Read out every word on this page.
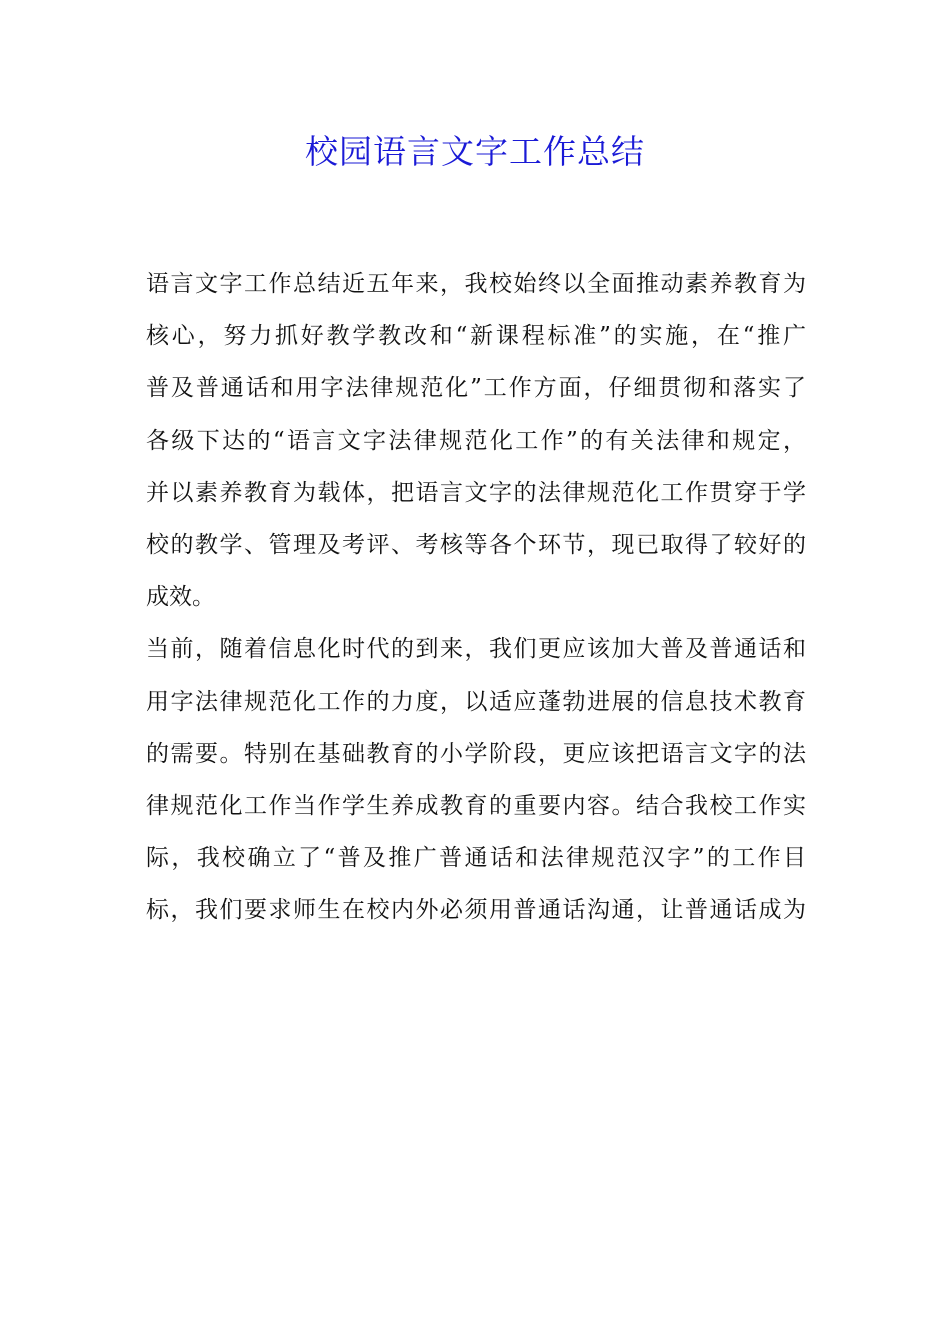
校园语言文字工作总结
语言文字工作总结近五年来，我校始终以全面推动素养教育为
核心，努力抓好教学教改和“新课程标准”的实施，在“推广
普及普通话和用字法律规范化”工作方面，仔细贯彻和落实了
各级下达的“语言文字法律规范化工作”的有关法律和规定，
并以素养教育为载体，把语言文字的法律规范化工作贯穿于学
校的教学、管理及考评、考核等各个环节，现已取得了较好的
成效。
当前，随着信息化时代的到来，我们更应该加大普及普通话和
用字法律规范化工作的力度，以适应蓬勃进展的信息技术教育
的需要。特别在基础教育的小学阶段，更应该把语言文字的法
律规范化工作当作学生养成教育的重要内容。结合我校工作实
际，我校确立了“普及推广普通话和法律规范汉字”的工作目
标，我们要求师生在校内外必须用普通话沟通，让普通话成为
